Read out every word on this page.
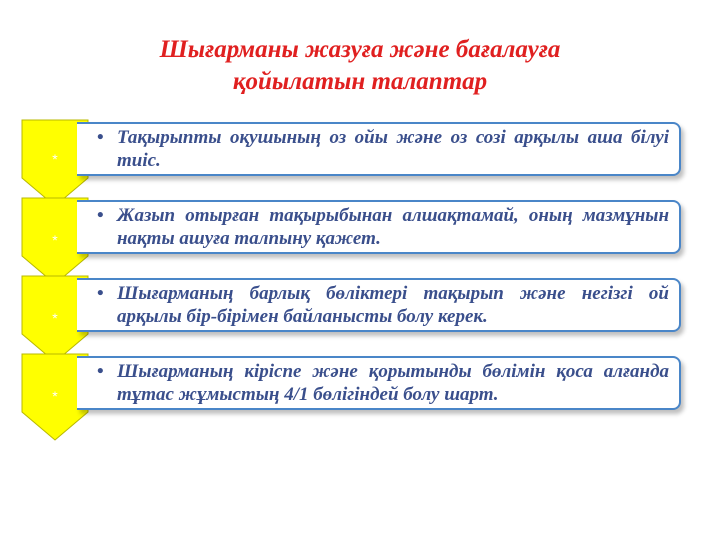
Шығарманы жазуға және бағалауға
қойылатын талаптар
*
• Тақырыпты оқушының оз ойы және оз созі арқылы аша білуі тиіс.
*
• Жазып отырған тақырыбынан алшақтамай, оның мазмұнын нақты ашуға талпыну қажет.
*
• Шығарманың барлық бөліктері тақырып және негізгі ой арқылы бір-бірімен байланысты болу керек.
*
• Шығарманың кіріспе және қорытынды бөлімін қоса алғанда тұтас жұмыстың 4/1 бөлігіндей болу шарт.
